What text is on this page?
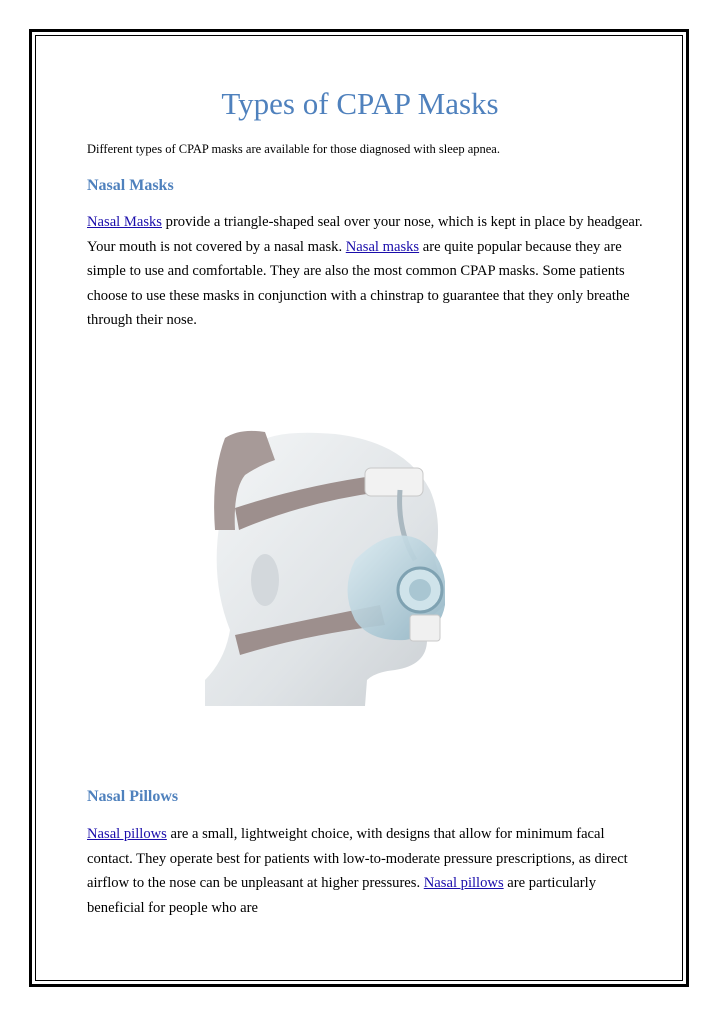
Types of CPAP Masks

Different types of CPAP masks are available for those diagnosed with sleep apnea.

Nasal Masks

Nasal Masks provide a triangle-shaped seal over your nose, which is kept in place by headgear. Your mouth is not covered by a nasal mask. Nasal masks are quite popular because they are simple to use and comfortable. They are also the most common CPAP masks. Some patients choose to use these masks in conjunction with a chinstrap to guarantee that they only breathe through their nose.

Nasal Pillows

Nasal pillows are a small, lightweight choice, with designs that allow for minimum facal contact. They operate best for patients with low-to-moderate pressure prescriptions, as direct airflow to the nose can be unpleasant at higher pressures. Nasal pillows are particularly beneficial for people who are
